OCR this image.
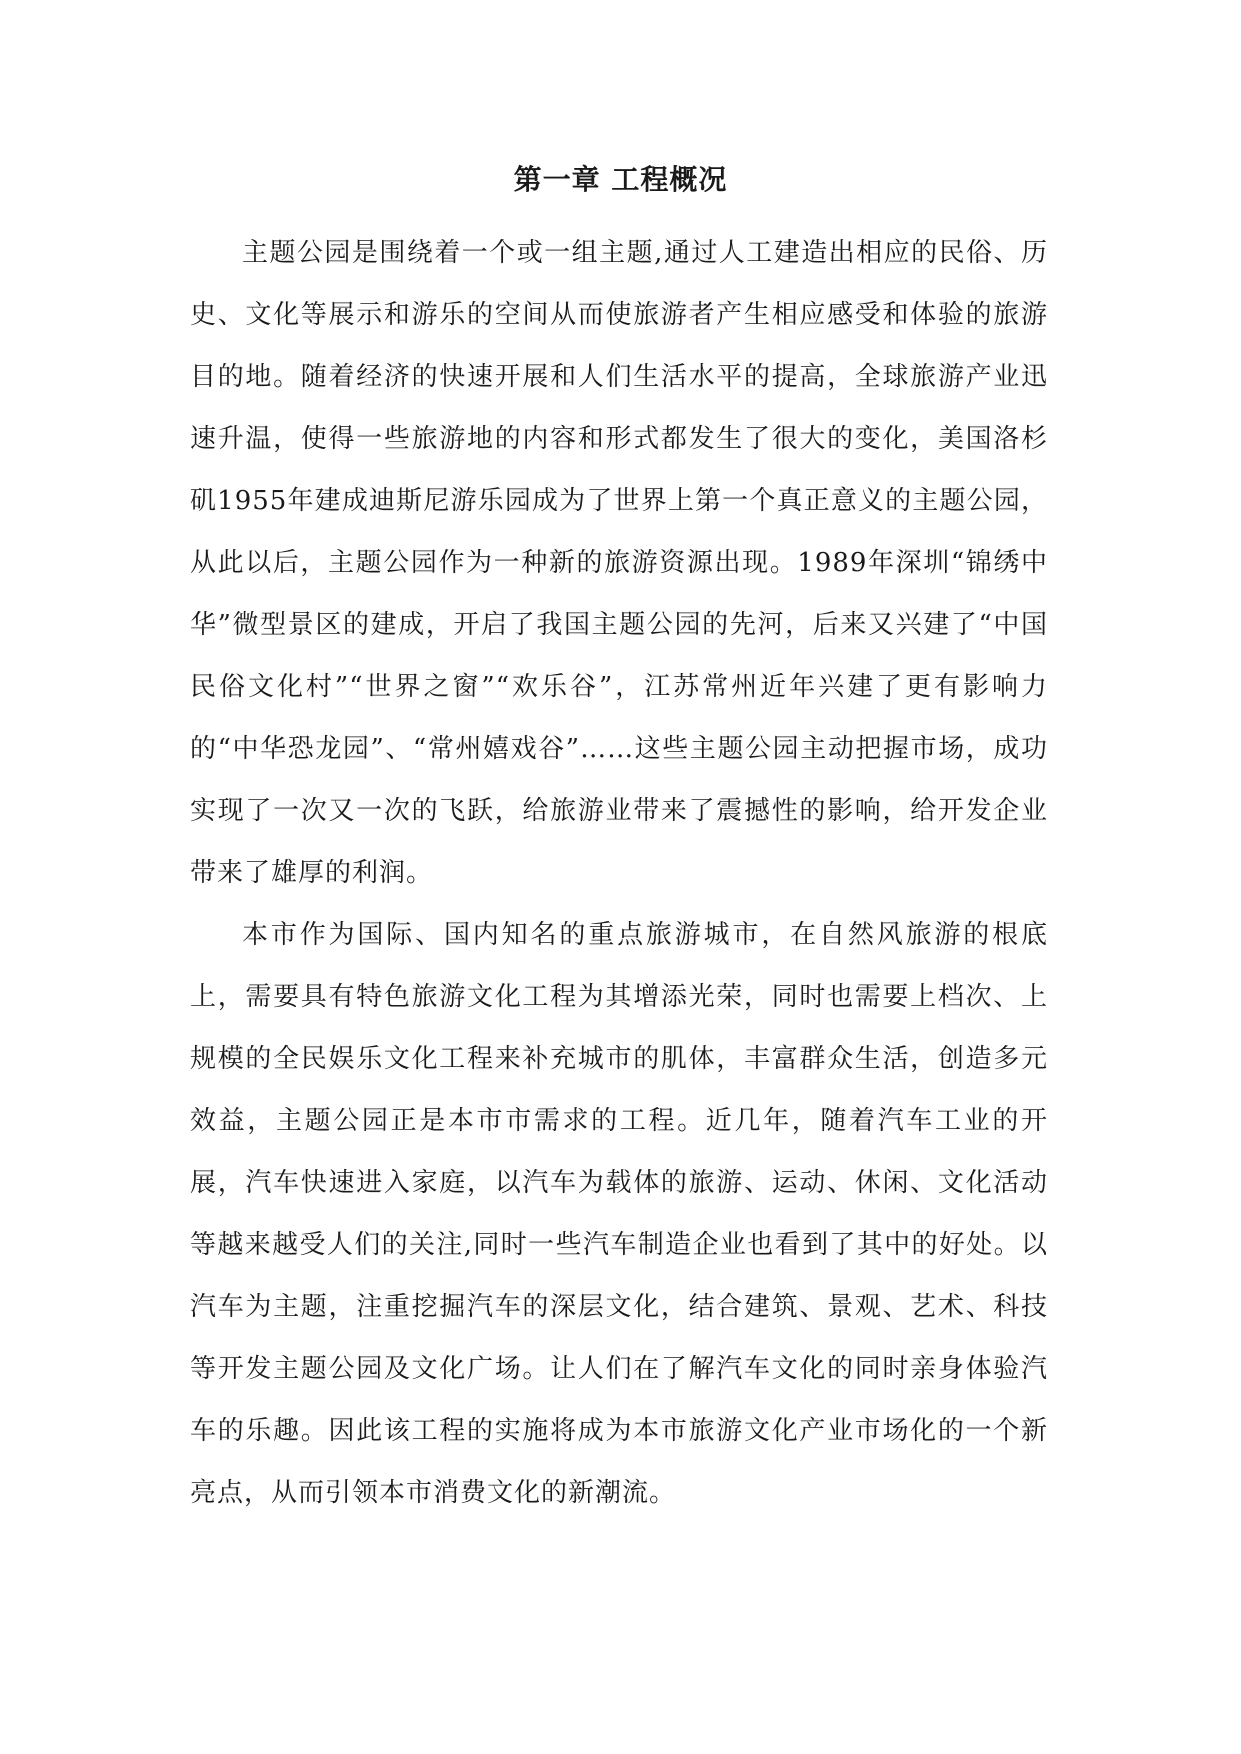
第一章 工程概况

主题公园是围绕着一个或一组主题,通过人工建造出相应的民俗、历史、文化等展示和游乐的空间从而使旅游者产生相应感受和体验的旅游目的地。随着经济的快速开展和人们生活水平的提高，全球旅游产业迅速升温，使得一些旅游地的内容和形式都发生了很大的变化，美国洛杉矶1955年建成迪斯尼游乐园成为了世界上第一个真正意义的主题公园，从此以后，主题公园作为一种新的旅游资源出现。1989年深圳“锦绣中华”微型景区的建成，开启了我国主题公园的先河，后来又兴建了“中国民俗文化村”“世界之窗”“欢乐谷”，江苏常州近年兴建了更有影响力的“中华恐龙园”、“常州嬉戏谷”……这些主题公园主动把握市场，成功实现了一次又一次的飞跃，给旅游业带来了震撼性的影响，给开发企业带来了雄厚的利润。

本市作为国际、国内知名的重点旅游城市，在自然风旅游的根底上，需要具有特色旅游文化工程为其增添光荣，同时也需要上档次、上规模的全民娱乐文化工程来补充城市的肌体，丰富群众生活，创造多元效益，主题公园正是本市市需求的工程。近几年，随着汽车工业的开展，汽车快速进入家庭，以汽车为载体的旅游、运动、休闲、文化活动等越来越受人们的关注,同时一些汽车制造企业也看到了其中的好处。以汽车为主题，注重挖掘汽车的深层文化，结合建筑、景观、艺术、科技等开发主题公园及文化广场。让人们在了解汽车文化的同时亲身体验汽车的乐趣。因此该工程的实施将成为本市旅游文化产业市场化的一个新亮点，从而引领本市消费文化的新潮流。
